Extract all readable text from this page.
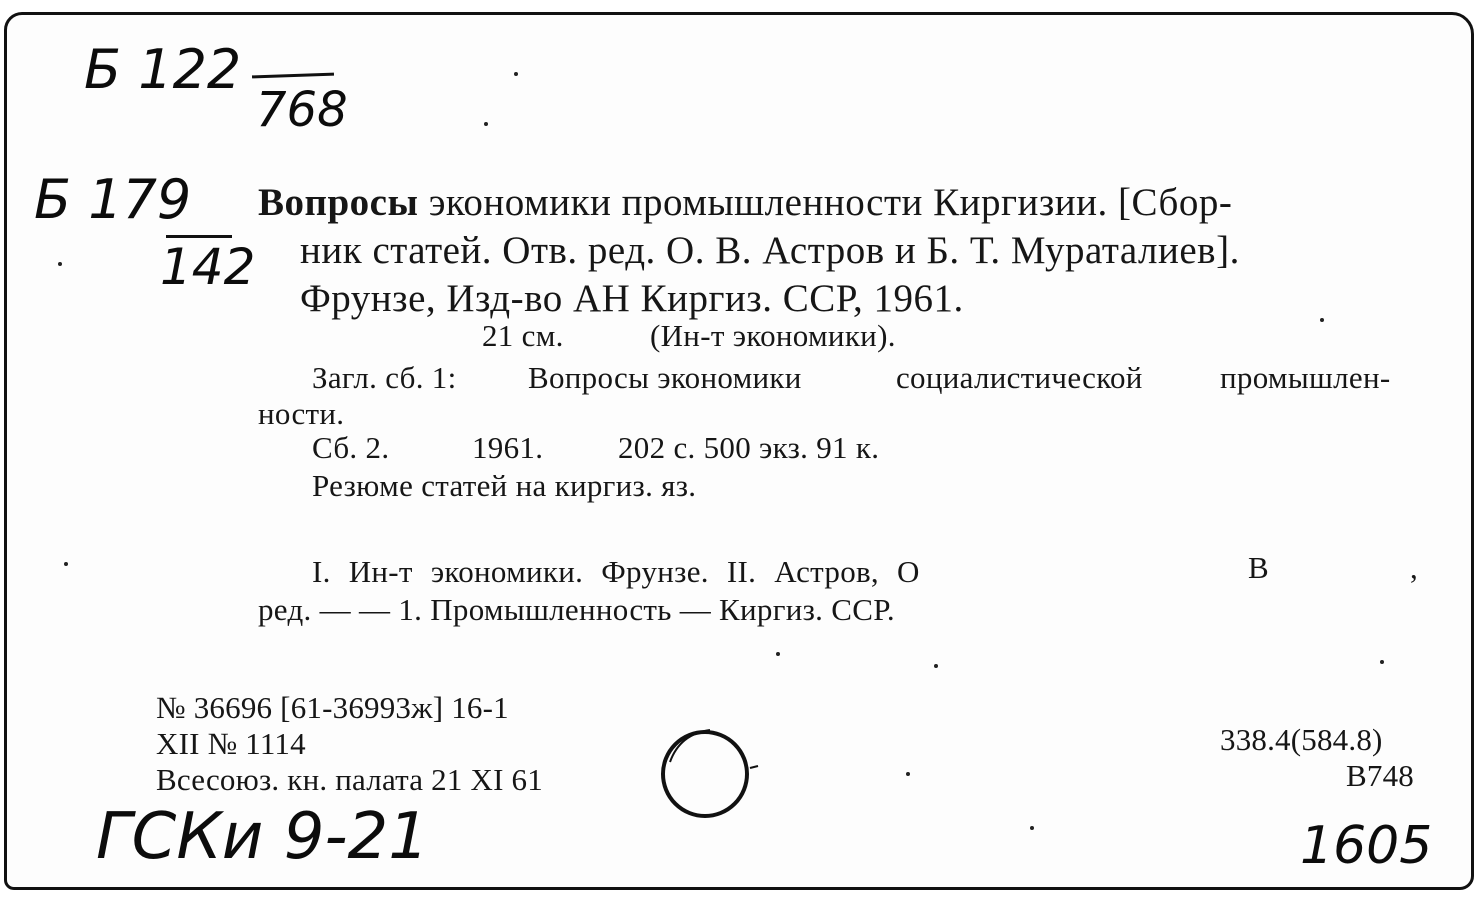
Б 122
768
Б 179
142
Вопросы экономики промышленности Киргизии. [Сбор-
ник статей. Отв. ред. О. В. Астров и Б. Т. Мураталиев].
Фрунзе, Изд-во АН Киргиз. ССР, 1961.
21 см.	(Ин-т экономики).
Загл. сб. 1: Вопросы экономики	социалистической промышлен-
ности.
Сб. 2.	1961. 202 с. 500 экз. 91 к.
Резюме статей на киргиз. яз.
I. Ин-т экономики. Фрунзе. II. Астров, О	В	,
ред. — — 1. Промышленность — Киргиз. ССР.
№ 36696 [61-36993ж] 16-1
XII № 1114
Всесоюз. кн. палата 21 XI 61
338.4(584.8)
В748
ГСКи 9-21	1605
